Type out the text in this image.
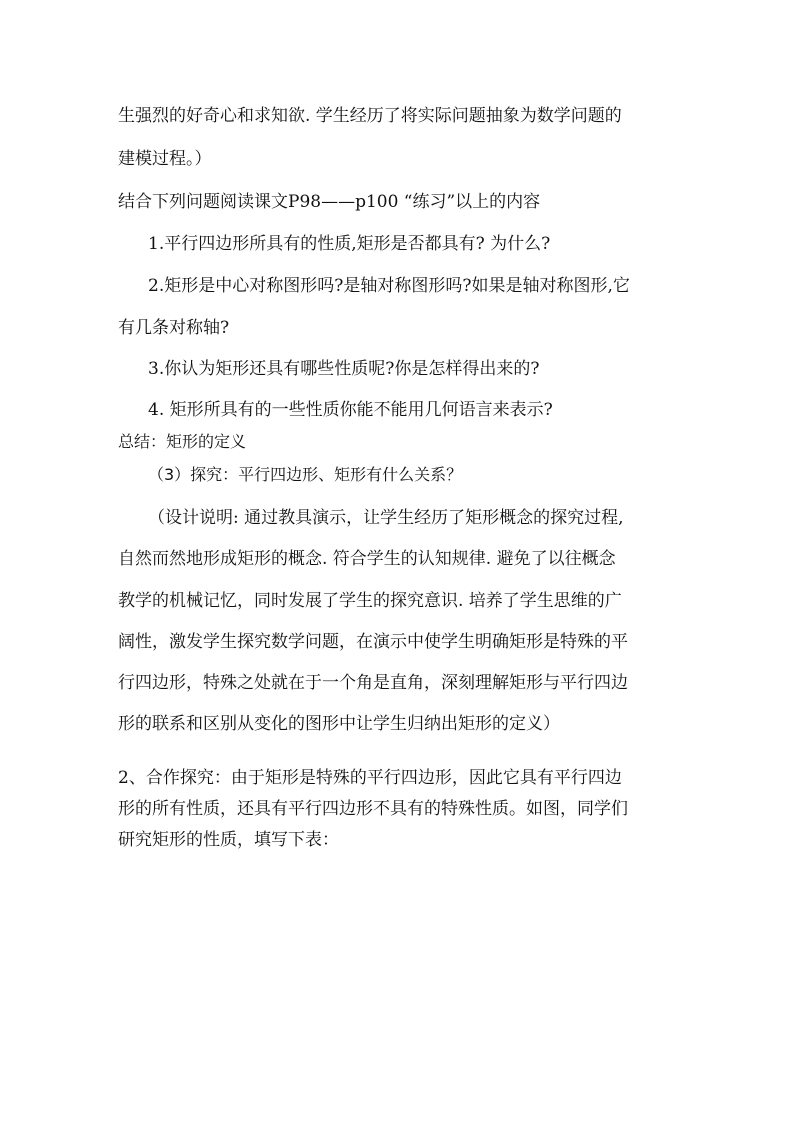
生强烈的好奇心和求知欲. 学生经历了将实际问题抽象为数学问题的
建模过程。）
结合下列问题阅读课文P98——p100 “练习”以上的内容
1.平行四边形所具有的性质,矩形是否都具有? 为什么?
2.矩形是中心对称图形吗?是轴对称图形吗?如果是轴对称图形,它
有几条对称轴?
3.你认为矩形还具有哪些性质呢?你是怎样得出来的?
4. 矩形所具有的一些性质你能不能用几何语言来表示?
总结：矩形的定义
（3）探究：平行四边形、矩形有什么关系？
（设计说明: 通过教具演示，让学生经历了矩形概念的探究过程,
自然而然地形成矩形的概念. 符合学生的认知规律. 避免了以往概念
教学的机械记忆，同时发展了学生的探究意识. 培养了学生思维的广
阔性，激发学生探究数学问题，在演示中使学生明确矩形是特殊的平
行四边形，特殊之处就在于一个角是直角，深刻理解矩形与平行四边
形的联系和区别从变化的图形中让学生归纳出矩形的定义）
2、合作探究：由于矩形是特殊的平行四边形，因此它具有平行四边
形的所有性质，还具有平行四边形不具有的特殊性质。如图，同学们
研究矩形的性质，填写下表：
